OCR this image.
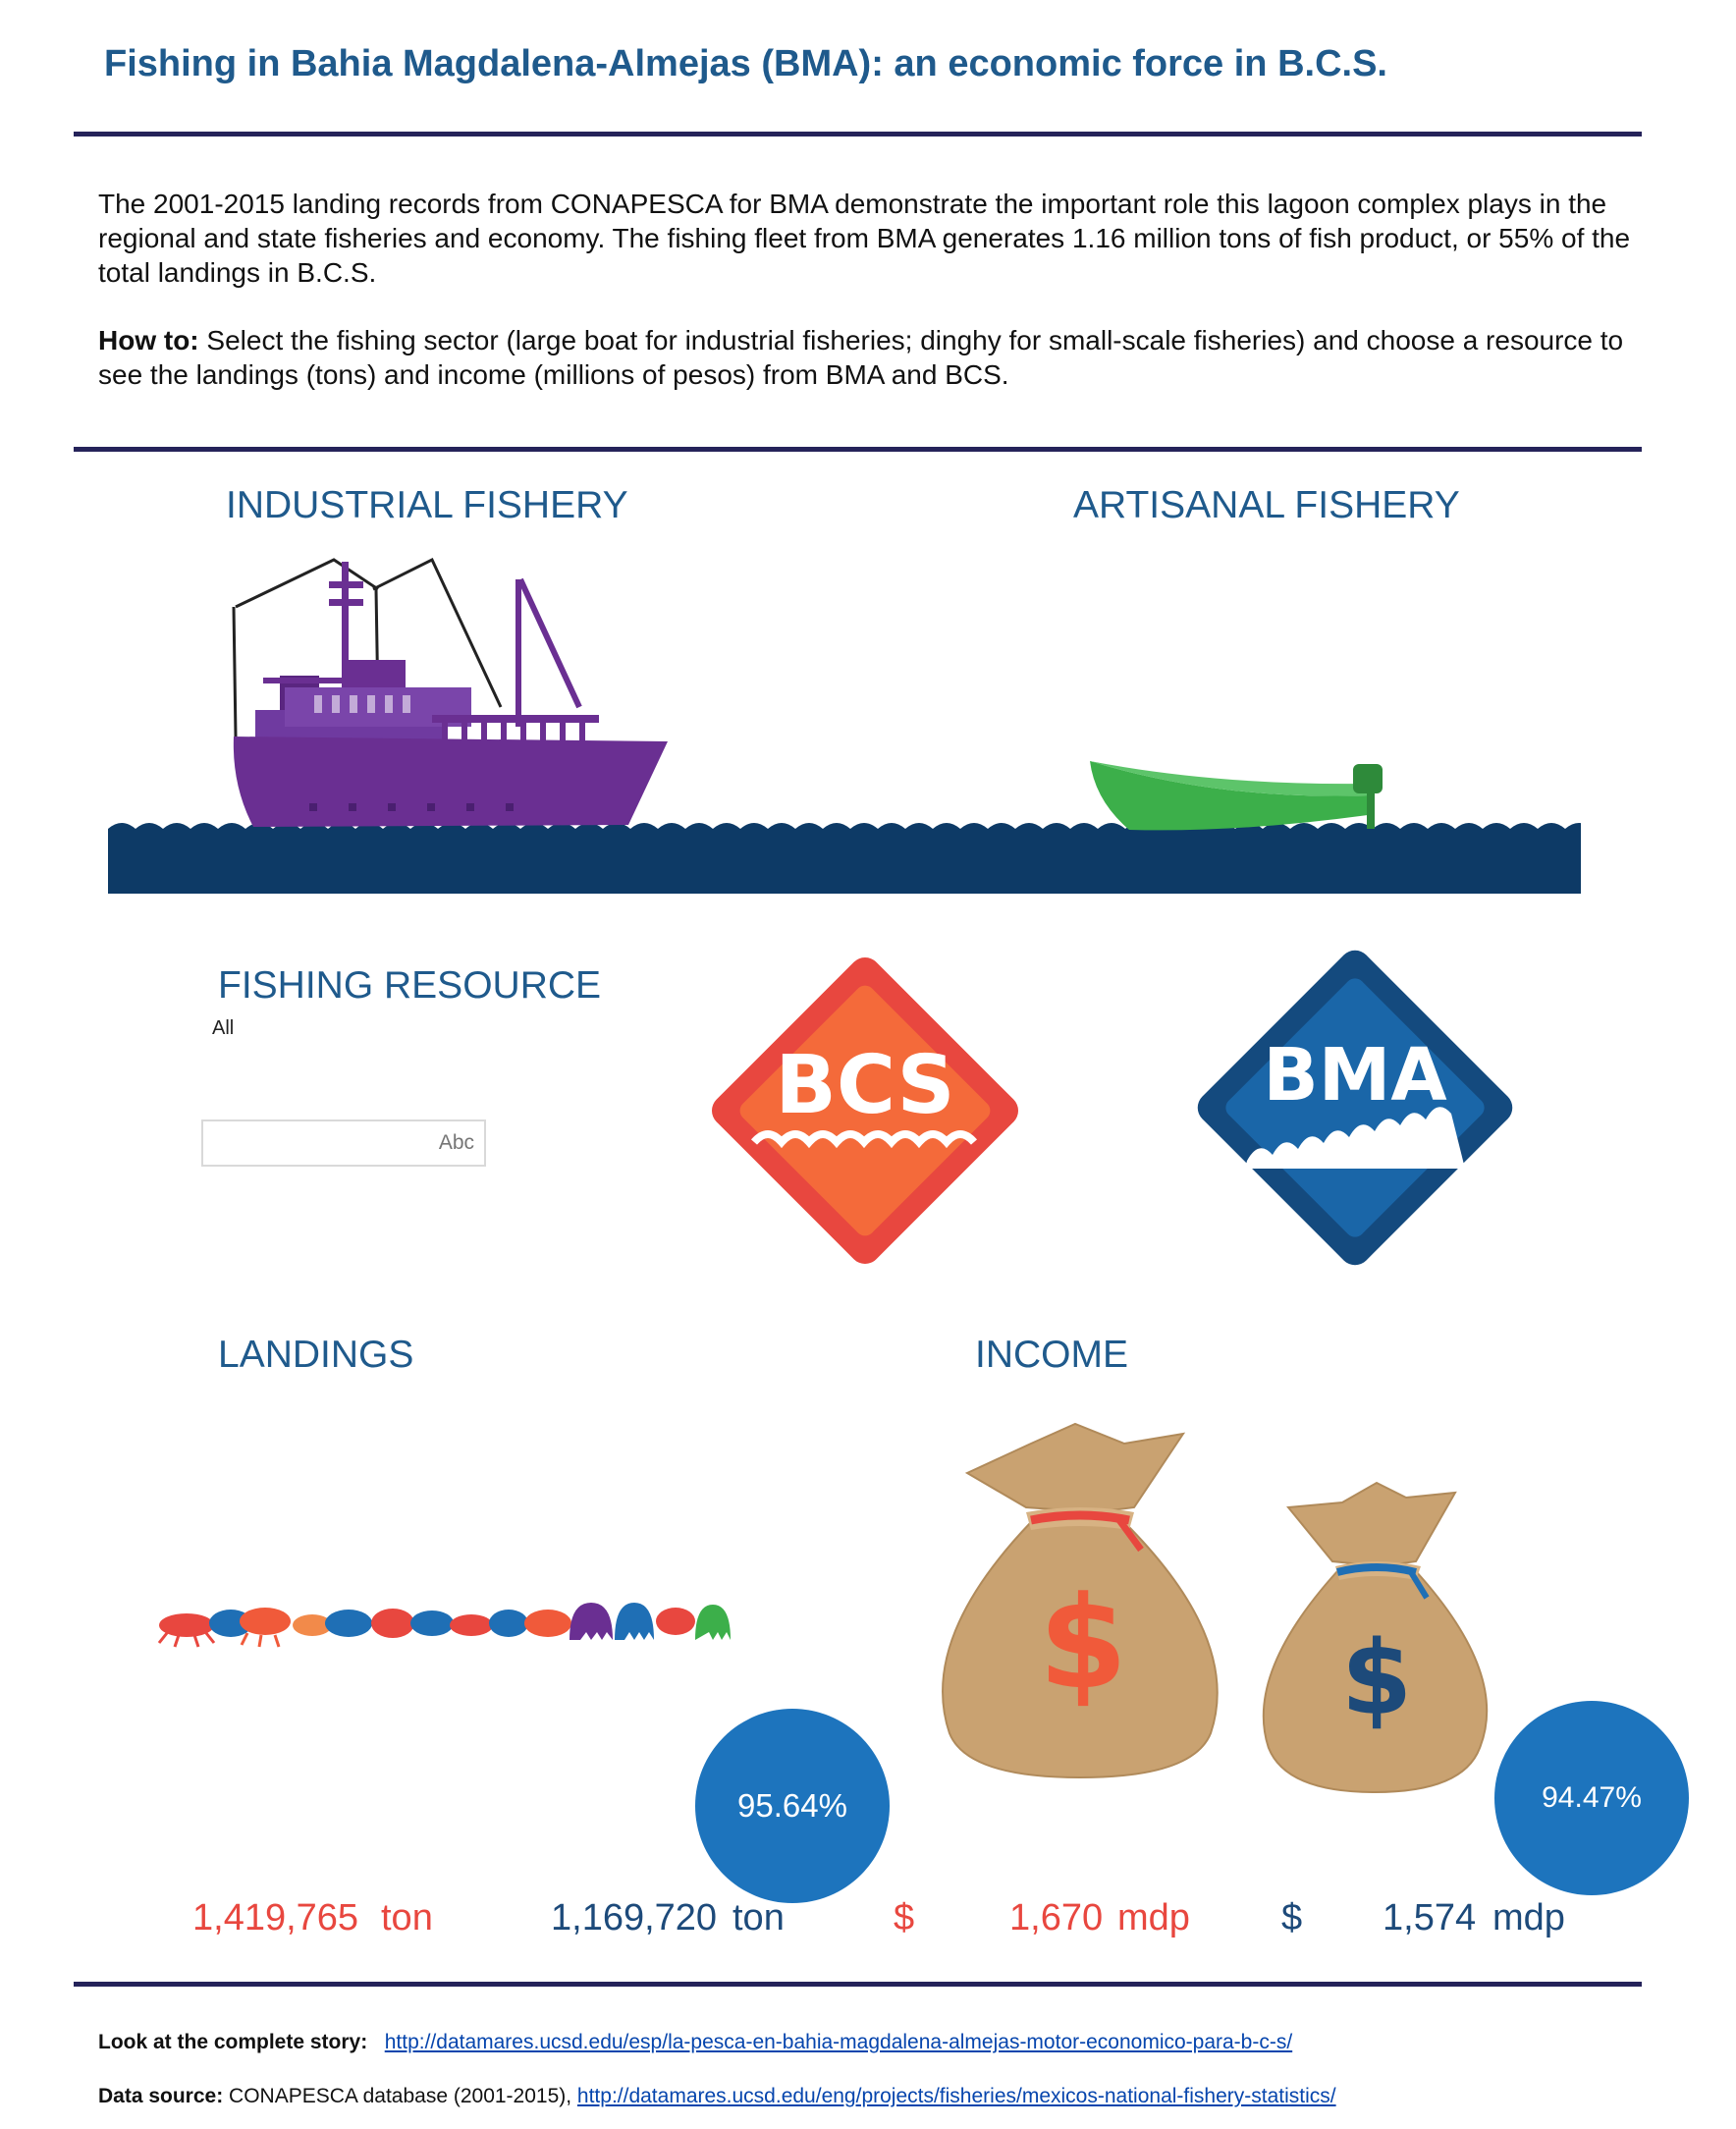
Fishing in Bahia Magdalena-Almejas (BMA): an economic force in B.C.S.

The 2001-2015 landing records from CONAPESCA for BMA demonstrate the important role this lagoon complex plays in the regional and state fisheries and economy. The fishing fleet from BMA generates 1.16 million tons of fish product, or 55% of the total landings in B.C.S.

How to: Select the fishing sector (large boat for industrial fisheries; dinghy for small-scale fisheries) and choose a resource to see the landings (tons) and income (millions of pesos) from BMA and BCS.

INDUSTRIAL FISHERY	ARTISANAL FISHERY
FISHING RESOURCE
All
Abc
BCS	BMA
LANDINGS	INCOME
$ $
95.64%	94.47%
1,419,765 ton	1,169,720 ton	$	1,670 mdp $ 1,574 mdp
Look at the complete story: http://datamares.ucsd.edu/esp/la-pesca-en-bahia-magdalena-almejas-motor-economico-para-b-c-s/
Data source: CONAPESCA database (2001-2015), http://datamares.ucsd.edu/eng/projects/fisheries/mexicos-national-fishery-statistics/
